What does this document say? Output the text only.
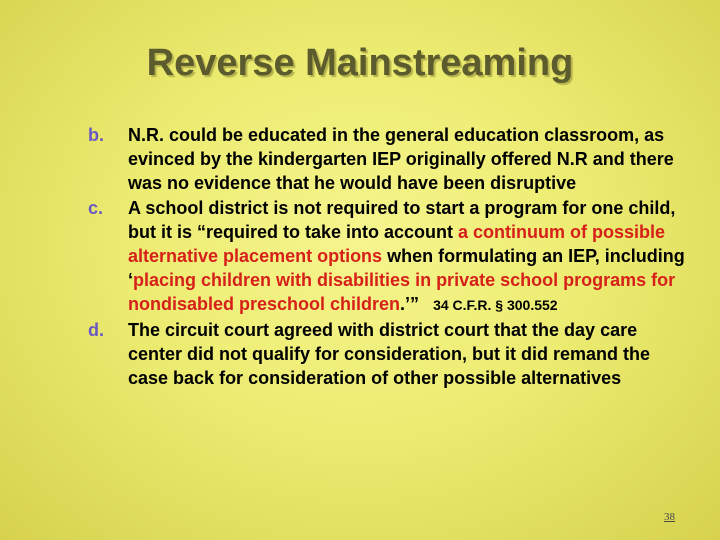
Reverse Mainstreaming
b. N.R. could be educated in the general education classroom, as evinced by the kindergarten IEP originally offered N.R and there was no evidence that he would have been disruptive
c. A school district is not required to start a program for one child, but it is “required to take into account a continuum of possible alternative placement options when formulating an IEP, including ‘placing children with disabilities in private school programs for nondisabled preschool children.’” 34 C.F.R. § 300.552
d. The circuit court agreed with district court that the day care center did not qualify for consideration, but it did remand the case back for consideration of other possible alternatives
38
